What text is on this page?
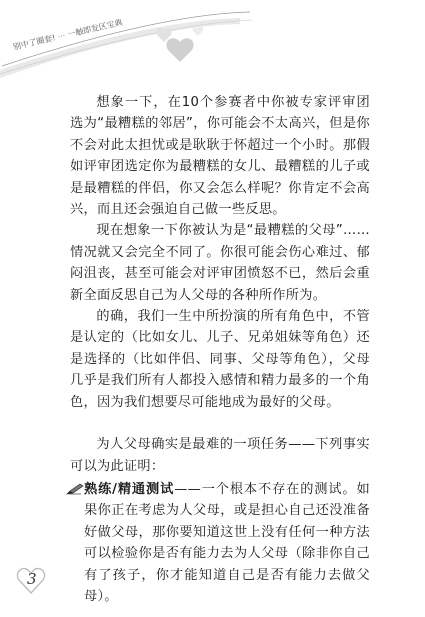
别中了圈套! ··· 一触即发区宝典

想象一下，在10个参赛者中你被专家评审团选为“最糟糕的邻居”，你可能会不太高兴，但是你不会对此太担忧或是耿耿于怀超过一个小时。那假如评审团选定你为最糟糕的女儿、最糟糕的儿子或是最糟糕的伴侣，你又会怎么样呢？你肯定不会高兴，而且还会强迫自己做一些反思。

现在想象一下你被认为是“最糟糕的父母”……情况就又会完全不同了。你很可能会伤心难过、郁闷沮丧，甚至可能会对评审团愤怒不已，然后会重新全面反思自己为人父母的各种所作所为。

的确，我们一生中所扮演的所有角色中，不管是认定的（比如女儿、儿子、兄弟姐妹等角色）还是选择的（比如伴侣、同事、父母等角色），父母几乎是我们所有人都投入感情和精力最多的一个角色，因为我们想要尽可能地成为最好的父母。

为人父母确实是最难的一项任务——下列事实可以为此证明：

熟练/精通测试——一个根本不存在的测试。如果你正在考虑为人父母，或是担心自己还没准备好做父母，那你要知道这世上没有任何一种方法可以检验你是否有能力去为人父母（除非你自己有了孩子，你才能知道自己是否有能力去做父母）。
3
